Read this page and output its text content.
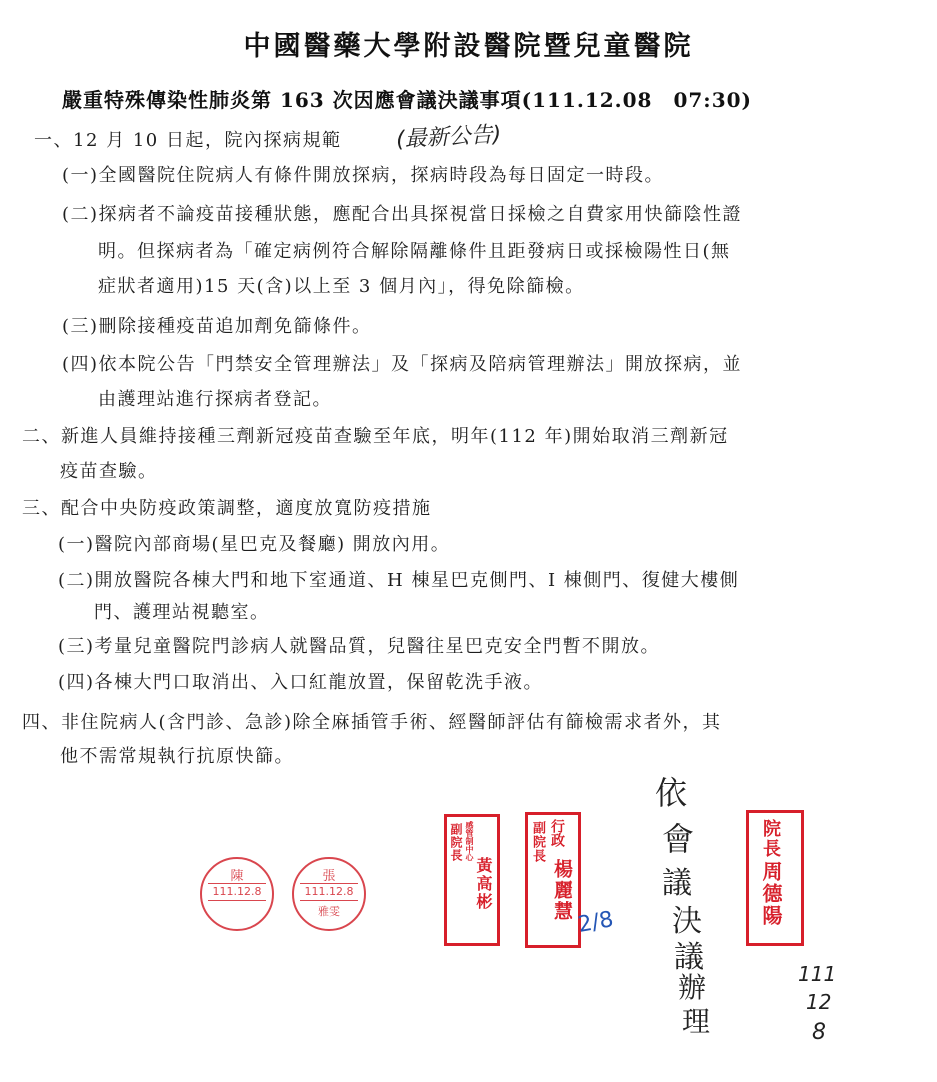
中國醫藥大學附設醫院暨兒童醫院
嚴重特殊傳染性肺炎第 163 次因應會議決議事項(111.12.08　07:30)
(最新公告)
一、12 月 10 日起，院內探病規範
(一)全國醫院住院病人有條件開放探病，探病時段為每日固定一時段。
(二)探病者不論疫苗接種狀態，應配合出具探視當日採檢之自費家用快篩陰性證
明。但探病者為「確定病例符合解除隔離條件且距發病日或採檢陽性日(無
症狀者適用)15 天(含)以上至 3 個月內」，得免除篩檢。
(三)刪除接種疫苗追加劑免篩條件。
(四)依本院公告「門禁安全管理辦法」及「探病及陪病管理辦法」開放探病，並
由護理站進行探病者登記。
二、新進人員維持接種三劑新冠疫苗查驗至年底，明年(112 年)開始取消三劑新冠
疫苗查驗。
三、配合中央防疫政策調整，適度放寬防疫措施
(一)醫院內部商場(星巴克及餐廳) 開放內用。
(二)開放醫院各棟大門和地下室通道、H 棟星巴克側門、I 棟側門、復健大樓側
門、護理站視聽室。
(三)考量兒童醫院門診病人就醫品質，兒醫往星巴克安全門暫不開放。
(四)各棟大門口取消出、入口紅龍放置，保留乾洗手液。
四、非住院病人(含門診、急診)除全麻插管手術、經醫師評估有篩檢需求者外，其
他不需常規執行抗原快篩。
陳
111.12.8
張
111.12.8
雅雯
副院長 感管制中心
黃高彬
副院長 行政
楊麗慧
院長
周德陽
2/8
依
會
議
決
議
辦
理
111
12
8
